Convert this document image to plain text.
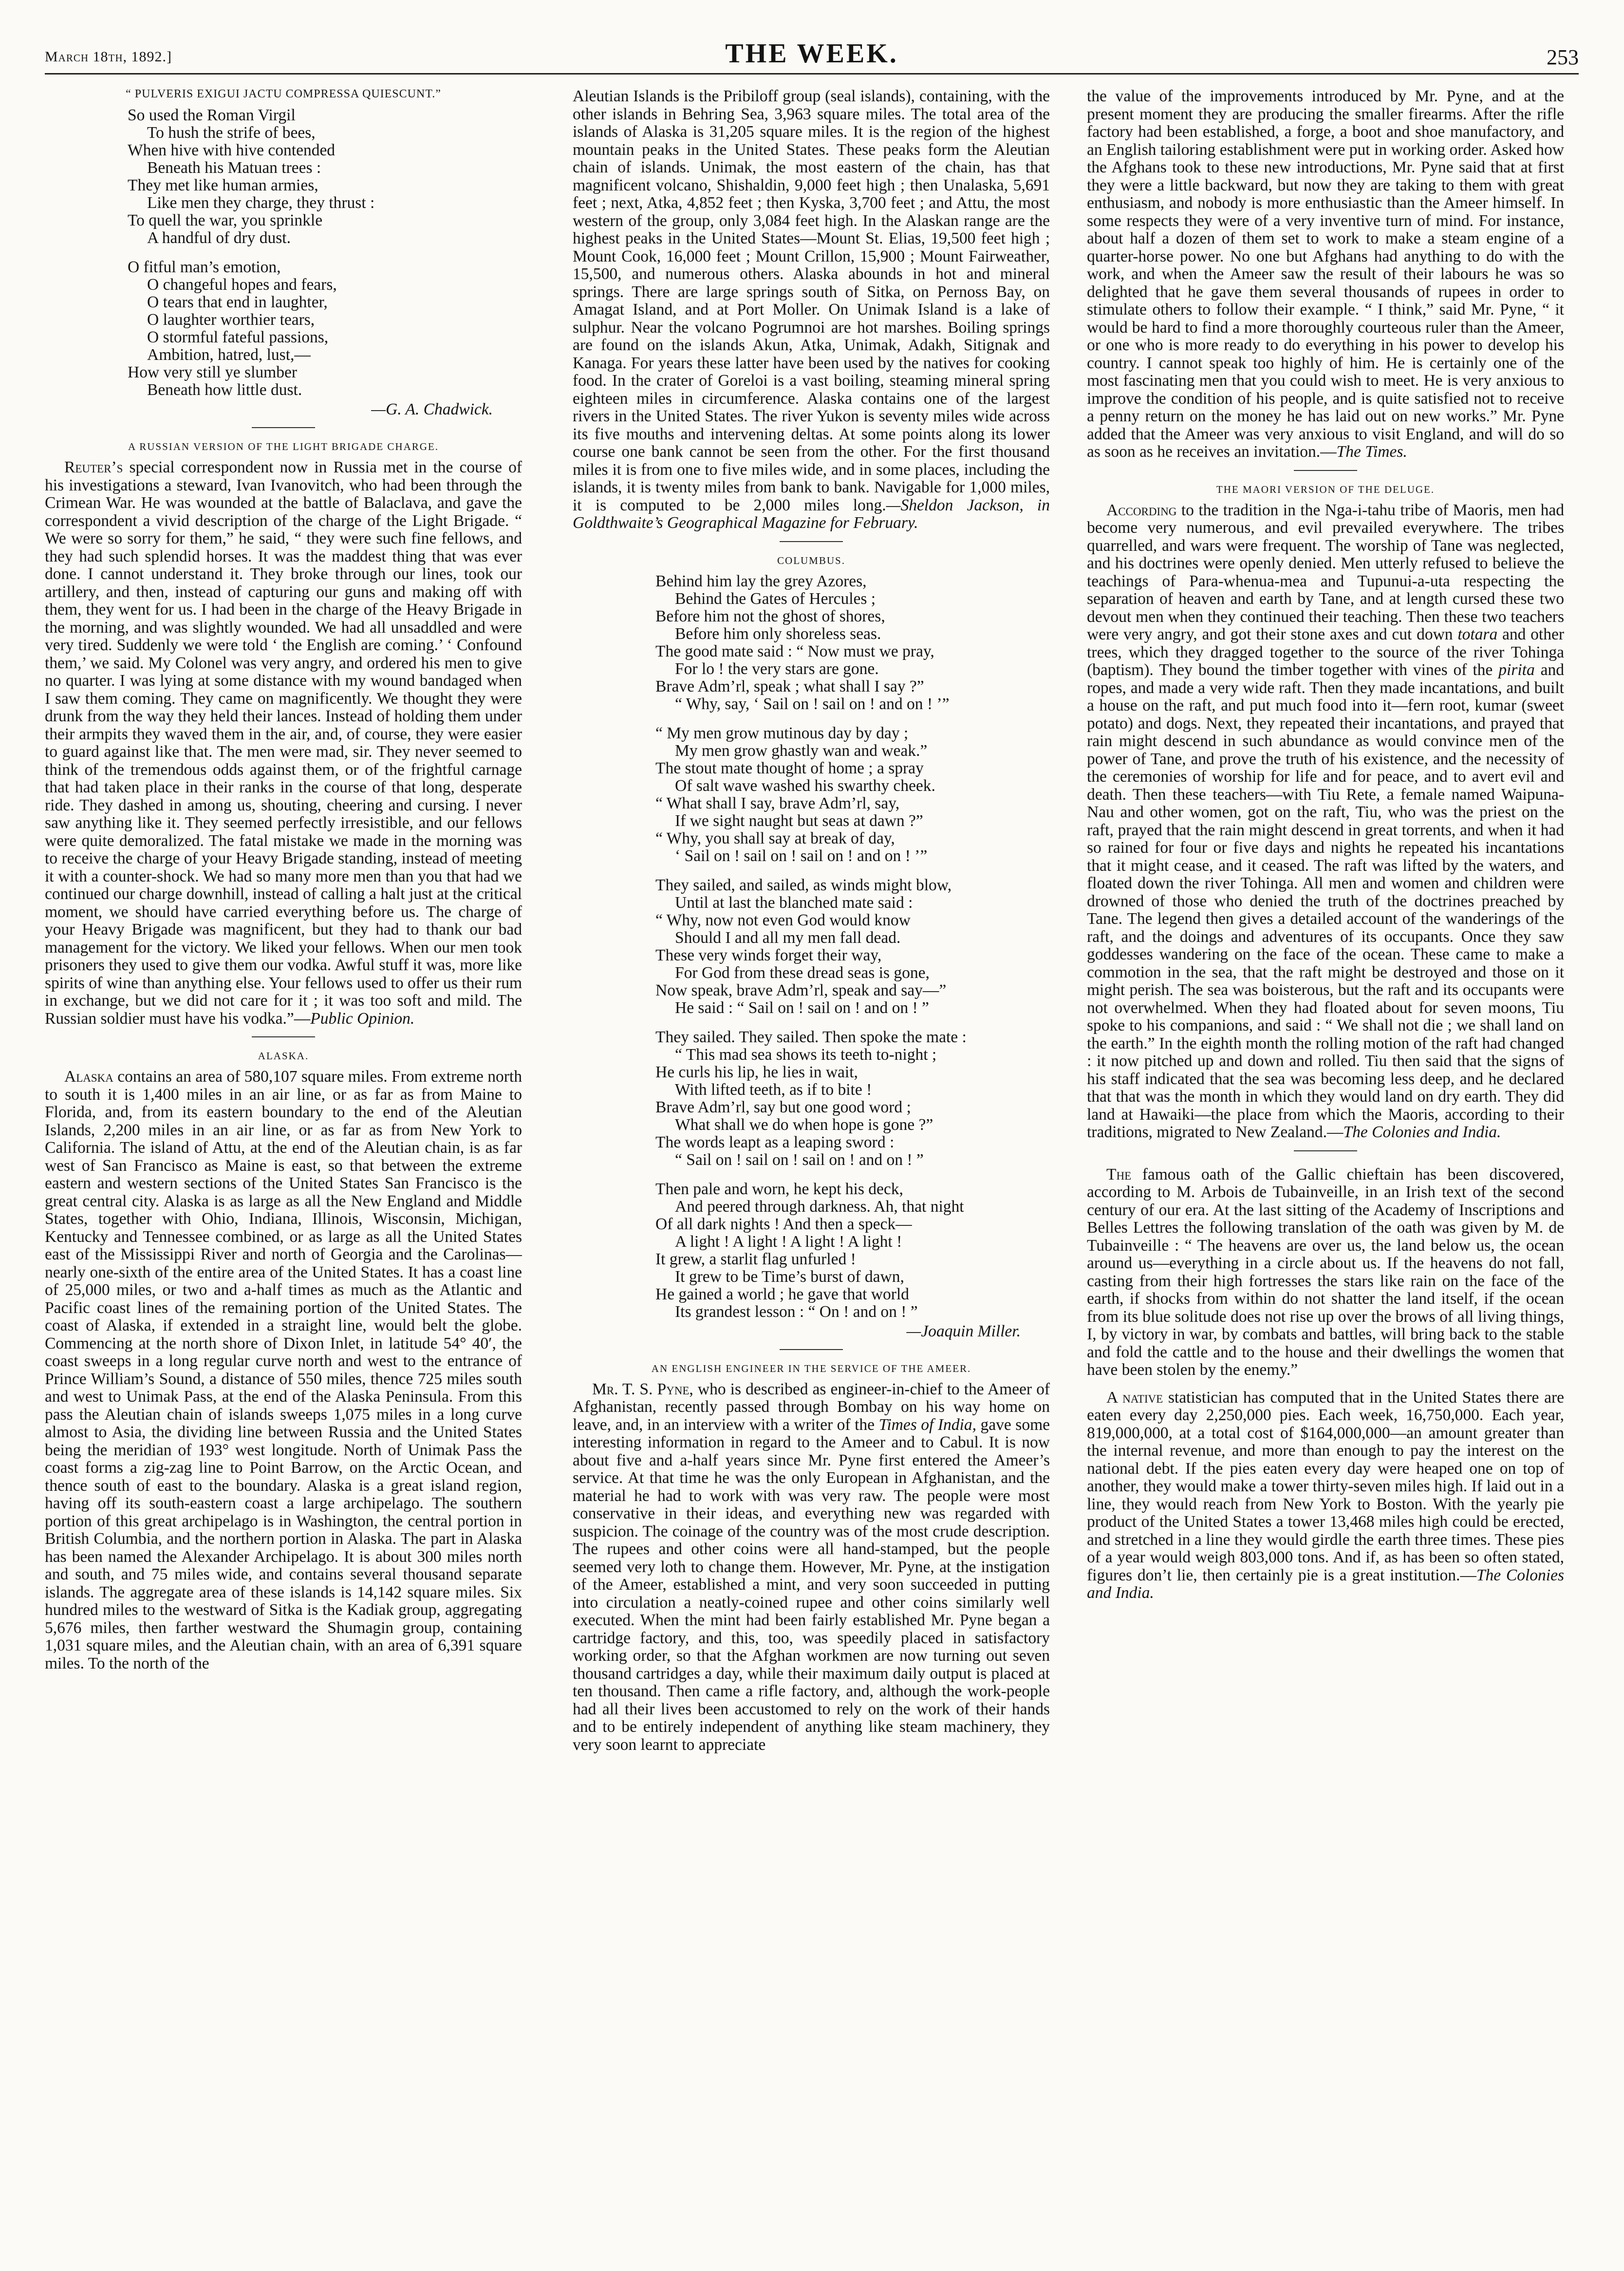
March 18th, 1892.]	THE WEEK.	253
“ PULVERIS EXIGUI JACTU COMPRESSA QUIESCUNT.”
So used the Roman Virgil
To hush the strife of bees,
When hive with hive contended
Beneath his Matuan trees :
They met like human armies,
Like men they charge, they thrust :
To quell the war, you sprinkle
A handful of dry dust.
O fitful man’s emotion,
O changeful hopes and fears,
O tears that end in laughter,
O laughter worthier tears,
O stormful fateful passions,
Ambition, hatred, lust,—
How very still ye slumber
Beneath how little dust.
—G. A. Chadwick.
A RUSSIAN VERSION OF THE LIGHT BRIGADE CHARGE.

Reuter’s special correspondent now in Russia met in the course of his investigations a steward, Ivan Ivanovitch, who had been through the Crimean War. He was wounded at the battle of Balaclava, and gave the correspondent a vivid description of the charge of the Light Brigade. “ We were so sorry for them,” he said, “ they were such fine fellows, and they had such splendid horses. It was the maddest thing that was ever done. I cannot understand it. They broke through our lines, took our artillery, and then, instead of capturing our guns and making off with them, they went for us. I had been in the charge of the Heavy Brigade in the morning, and was slightly wounded. We had all unsaddled and were very tired. Suddenly we were told ‘ the English are coming.’ ‘ Confound them,’ we said. My Colonel was very angry, and ordered his men to give no quarter. I was lying at some distance with my wound bandaged when I saw them coming. They came on magnificently. We thought they were drunk from the way they held their lances. Instead of holding them under their armpits they waved them in the air, and, of course, they were easier to guard against like that. The men were mad, sir. They never seemed to think of the tremendous odds against them, or of the frightful carnage that had taken place in their ranks in the course of that long, desperate ride. They dashed in among us, shouting, cheering and cursing. I never saw anything like it. They seemed perfectly irresistible, and our fellows were quite demoralized. The fatal mistake we made in the morning was to receive the charge of your Heavy Brigade standing, instead of meeting it with a counter-shock. We had so many more men than you that had we continued our charge downhill, instead of calling a halt just at the critical moment, we should have carried everything before us. The charge of your Heavy Brigade was magnificent, but they had to thank our bad management for the victory. We liked your fellows. When our men took prisoners they used to give them our vodka. Awful stuff it was, more like spirits of wine than anything else. Your fellows used to offer us their rum in exchange, but we did not care for it ; it was too soft and mild. The Russian soldier must have his vodka.”—Public Opinion.

ALASKA.

Alaska contains an area of 580,107 square miles. From extreme north to south it is 1,400 miles in an air line, or as far as from Maine to Florida, and, from its eastern boundary to the end of the Aleutian Islands, 2,200 miles in an air line, or as far as from New York to California. The island of Attu, at the end of the Aleutian chain, is as far west of San Francisco as Maine is east, so that between the extreme eastern and western sections of the United States San Francisco is the great central city. Alaska is as large as all the New England and Middle States, together with Ohio, Indiana, Illinois, Wisconsin, Michigan, Kentucky and Tennessee combined, or as large as all the United States east of the Mississippi River and north of Georgia and the Carolinas—nearly one-sixth of the entire area of the United States. It has a coast line of 25,000 miles, or two and a-half times as much as the Atlantic and Pacific coast lines of the remaining portion of the United States. The coast of Alaska, if extended in a straight line, would belt the globe. Commencing at the north shore of Dixon Inlet, in latitude 54° 40′, the coast sweeps in a long regular curve north and west to the entrance of Prince William’s Sound, a distance of 550 miles, thence 725 miles south and west to Unimak Pass, at the end of the Alaska Peninsula. From this pass the Aleutian chain of islands sweeps 1,075 miles in a long curve almost to Asia, the dividing line between Russia and the United States being the meridian of 193° west longitude. North of Unimak Pass the coast forms a zig-zag line to Point Barrow, on the Arctic Ocean, and thence south of east to the boundary. Alaska is a great island region, having off its south-eastern coast a large archipelago. The southern portion of this great archipelago is in Washington, the central portion in British Columbia, and the northern portion in Alaska. The part in Alaska has been named the Alexander Archipelago. It is about 300 miles north and south, and 75 miles wide, and contains several thousand separate islands. The aggregate area of these islands is 14,142 square miles. Six hundred miles to the westward of Sitka is the Kadiak group, aggregating 5,676 miles, then farther westward the Shumagin group, containing 1,031 square miles, and the Aleutian chain, with an area of 6,391 square miles. To the north of the

Aleutian Islands is the Pribiloff group (seal islands), containing, with the other islands in Behring Sea, 3,963 square miles. The total area of the islands of Alaska is 31,205 square miles. It is the region of the highest mountain peaks in the United States. These peaks form the Aleutian chain of islands. Unimak, the most eastern of the chain, has that magnificent volcano, Shishaldin, 9,000 feet high ; then Unalaska, 5,691 feet ; next, Atka, 4,852 feet ; then Kyska, 3,700 feet ; and Attu, the most western of the group, only 3,084 feet high. In the Alaskan range are the highest peaks in the United States—Mount St. Elias, 19,500 feet high ; Mount Cook, 16,000 feet ; Mount Crillon, 15,900 ; Mount Fairweather, 15,500, and numerous others. Alaska abounds in hot and mineral springs. There are large springs south of Sitka, on Pernoss Bay, on Amagat Island, and at Port Moller. On Unimak Island is a lake of sulphur. Near the volcano Pogrumnoi are hot marshes. Boiling springs are found on the islands Akun, Atka, Unimak, Adakh, Sitignak and Kanaga. For years these latter have been used by the natives for cooking food. In the crater of Goreloi is a vast boiling, steaming mineral spring eighteen miles in circumference. Alaska contains one of the largest rivers in the United States. The river Yukon is seventy miles wide across its five mouths and intervening deltas. At some points along its lower course one bank cannot be seen from the other. For the first thousand miles it is from one to five miles wide, and in some places, including the islands, it is twenty miles from bank to bank. Navigable for 1,000 miles, it is computed to be 2,000 miles long.—Sheldon Jackson, in Goldthwaite’s Geographical Magazine for February.

COLUMBUS.
Behind him lay the grey Azores,
Behind the Gates of Hercules ;
Before him not the ghost of shores,
Before him only shoreless seas.
The good mate said : “ Now must we pray,
For lo ! the very stars are gone.
Brave Adm’rl, speak ; what shall I say ?”
“ Why, say, ‘ Sail on ! sail on ! and on ! ’”
“ My men grow mutinous day by day ;
My men grow ghastly wan and weak.”
The stout mate thought of home ; a spray
Of salt wave washed his swarthy cheek.
“ What shall I say, brave Adm’rl, say,
If we sight naught but seas at dawn ?”
“ Why, you shall say at break of day,
‘ Sail on ! sail on ! sail on ! and on ! ’”
They sailed, and sailed, as winds might blow,
Until at last the blanched mate said :
“ Why, now not even God would know
Should I and all my men fall dead.
These very winds forget their way,
For God from these dread seas is gone,
Now speak, brave Adm’rl, speak and say—”
He said : “ Sail on ! sail on ! and on ! ”
They sailed. They sailed. Then spoke the mate :
“ This mad sea shows its teeth to-night ;
He curls his lip, he lies in wait,
With lifted teeth, as if to bite !
Brave Adm’rl, say but one good word ;
What shall we do when hope is gone ?”
The words leapt as a leaping sword :
“ Sail on ! sail on ! sail on ! and on ! ”
Then pale and worn, he kept his deck,
And peered through darkness. Ah, that night
Of all dark nights ! And then a speck—
A light ! A light ! A light ! A light !
It grew, a starlit flag unfurled !
It grew to be Time’s burst of dawn,
He gained a world ; he gave that world
Its grandest lesson : “ On ! and on ! ”
—Joaquin Miller.
AN ENGLISH ENGINEER IN THE SERVICE OF THE AMEER.

Mr. T. S. Pyne, who is described as engineer-in-chief to the Ameer of Afghanistan, recently passed through Bombay on his way home on leave, and, in an interview with a writer of the Times of India, gave some interesting information in regard to the Ameer and to Cabul. It is now about five and a-half years since Mr. Pyne first entered the Ameer’s service. At that time he was the only European in Afghanistan, and the material he had to work with was very raw. The people were most conservative in their ideas, and everything new was regarded with suspicion. The coinage of the country was of the most crude description. The rupees and other coins were all hand-stamped, but the people seemed very loth to change them. However, Mr. Pyne, at the instigation of the Ameer, established a mint, and very soon succeeded in putting into circulation a neatly-coined rupee and other coins similarly well executed. When the mint had been fairly established Mr. Pyne began a cartridge factory, and this, too, was speedily placed in satisfactory working order, so that the Afghan workmen are now turning out seven thousand cartridges a day, while their maximum daily output is placed at ten thousand. Then came a rifle factory, and, although the work-people had all their lives been accustomed to rely on the work of their hands and to be entirely independent of anything like steam machinery, they very soon learnt to appreciate

the value of the improvements introduced by Mr. Pyne, and at the present moment they are producing the smaller firearms. After the rifle factory had been established, a forge, a boot and shoe manufactory, and an English tailoring establishment were put in working order. Asked how the Afghans took to these new introductions, Mr. Pyne said that at first they were a little backward, but now they are taking to them with great enthusiasm, and nobody is more enthusiastic than the Ameer himself. In some respects they were of a very inventive turn of mind. For instance, about half a dozen of them set to work to make a steam engine of a quarter-horse power. No one but Afghans had anything to do with the work, and when the Ameer saw the result of their labours he was so delighted that he gave them several thousands of rupees in order to stimulate others to follow their example. “ I think,” said Mr. Pyne, “ it would be hard to find a more thoroughly courteous ruler than the Ameer, or one who is more ready to do everything in his power to develop his country. I cannot speak too highly of him. He is certainly one of the most fascinating men that you could wish to meet. He is very anxious to improve the condition of his people, and is quite satisfied not to receive a penny return on the money he has laid out on new works.” Mr. Pyne added that the Ameer was very anxious to visit England, and will do so as soon as he receives an invitation.—The Times.

THE MAORI VERSION OF THE DELUGE.

According to the tradition in the Nga-i-tahu tribe of Maoris, men had become very numerous, and evil prevailed everywhere. The tribes quarrelled, and wars were frequent. The worship of Tane was neglected, and his doctrines were openly denied. Men utterly refused to believe the teachings of Para-whenua-mea and Tupunui-a-uta respecting the separation of heaven and earth by Tane, and at length cursed these two devout men when they continued their teaching. Then these two teachers were very angry, and got their stone axes and cut down totara and other trees, which they dragged together to the source of the river Tohinga (baptism). They bound the timber together with vines of the pirita and ropes, and made a very wide raft. Then they made incantations, and built a house on the raft, and put much food into it—fern root, kumar (sweet potato) and dogs. Next, they repeated their incantations, and prayed that rain might descend in such abundance as would convince men of the power of Tane, and prove the truth of his existence, and the necessity of the ceremonies of worship for life and for peace, and to avert evil and death. Then these teachers—with Tiu Rete, a female named Waipuna-Nau and other women, got on the raft, Tiu, who was the priest on the raft, prayed that the rain might descend in great torrents, and when it had so rained for four or five days and nights he repeated his incantations that it might cease, and it ceased. The raft was lifted by the waters, and floated down the river Tohinga. All men and women and children were drowned of those who denied the truth of the doctrines preached by Tane. The legend then gives a detailed account of the wanderings of the raft, and the doings and adventures of its occupants. Once they saw goddesses wandering on the face of the ocean. These came to make a commotion in the sea, that the raft might be destroyed and those on it might perish. The sea was boisterous, but the raft and its occupants were not overwhelmed. When they had floated about for seven moons, Tiu spoke to his companions, and said : “ We shall not die ; we shall land on the earth.” In the eighth month the rolling motion of the raft had changed : it now pitched up and down and rolled. Tiu then said that the signs of his staff indicated that the sea was becoming less deep, and he declared that that was the month in which they would land on dry earth. They did land at Hawaiki—the place from which the Maoris, according to their traditions, migrated to New Zealand.—The Colonies and India.

The famous oath of the Gallic chieftain has been discovered, according to M. Arbois de Tubainveille, in an Irish text of the second century of our era. At the last sitting of the Academy of Inscriptions and Belles Lettres the following translation of the oath was given by M. de Tubainveille : “ The heavens are over us, the land below us, the ocean around us—everything in a circle about us. If the heavens do not fall, casting from their high fortresses the stars like rain on the face of the earth, if shocks from within do not shatter the land itself, if the ocean from its blue solitude does not rise up over the brows of all living things, I, by victory in war, by combats and battles, will bring back to the stable and fold the cattle and to the house and their dwellings the women that have been stolen by the enemy.”

A native statistician has computed that in the United States there are eaten every day 2,250,000 pies. Each week, 16,750,000. Each year, 819,000,000, at a total cost of $164,000,000—an amount greater than the internal revenue, and more than enough to pay the interest on the national debt. If the pies eaten every day were heaped one on top of another, they would make a tower thirty-seven miles high. If laid out in a line, they would reach from New York to Boston. With the yearly pie product of the United States a tower 13,468 miles high could be erected, and stretched in a line they would girdle the earth three times. These pies of a year would weigh 803,000 tons. And if, as has been so often stated, figures don’t lie, then certainly pie is a great institution.—The Colonies and India.
